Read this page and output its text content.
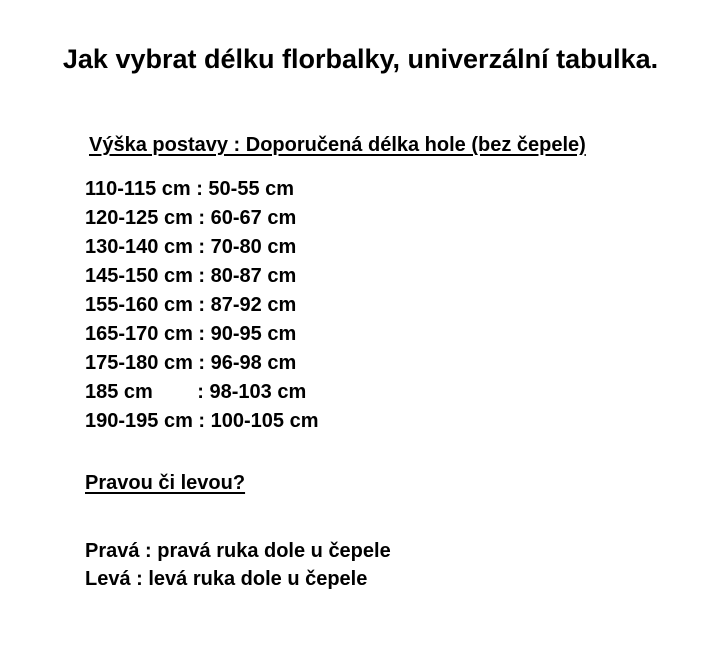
Jak vybrat délku florbalky, univerzální tabulka.
Výška postavy : Doporučená délka hole (bez čepele)
110-115 cm : 50-55 cm
120-125 cm : 60-67 cm
130-140 cm : 70-80 cm
145-150 cm : 80-87 cm
155-160 cm : 87-92 cm
165-170 cm : 90-95 cm
175-180 cm : 96-98 cm
185 cm        : 98-103 cm
190-195 cm : 100-105 cm
Pravou či levou?
Pravá : pravá ruka dole u čepele
Levá : levá ruka dole u čepele
